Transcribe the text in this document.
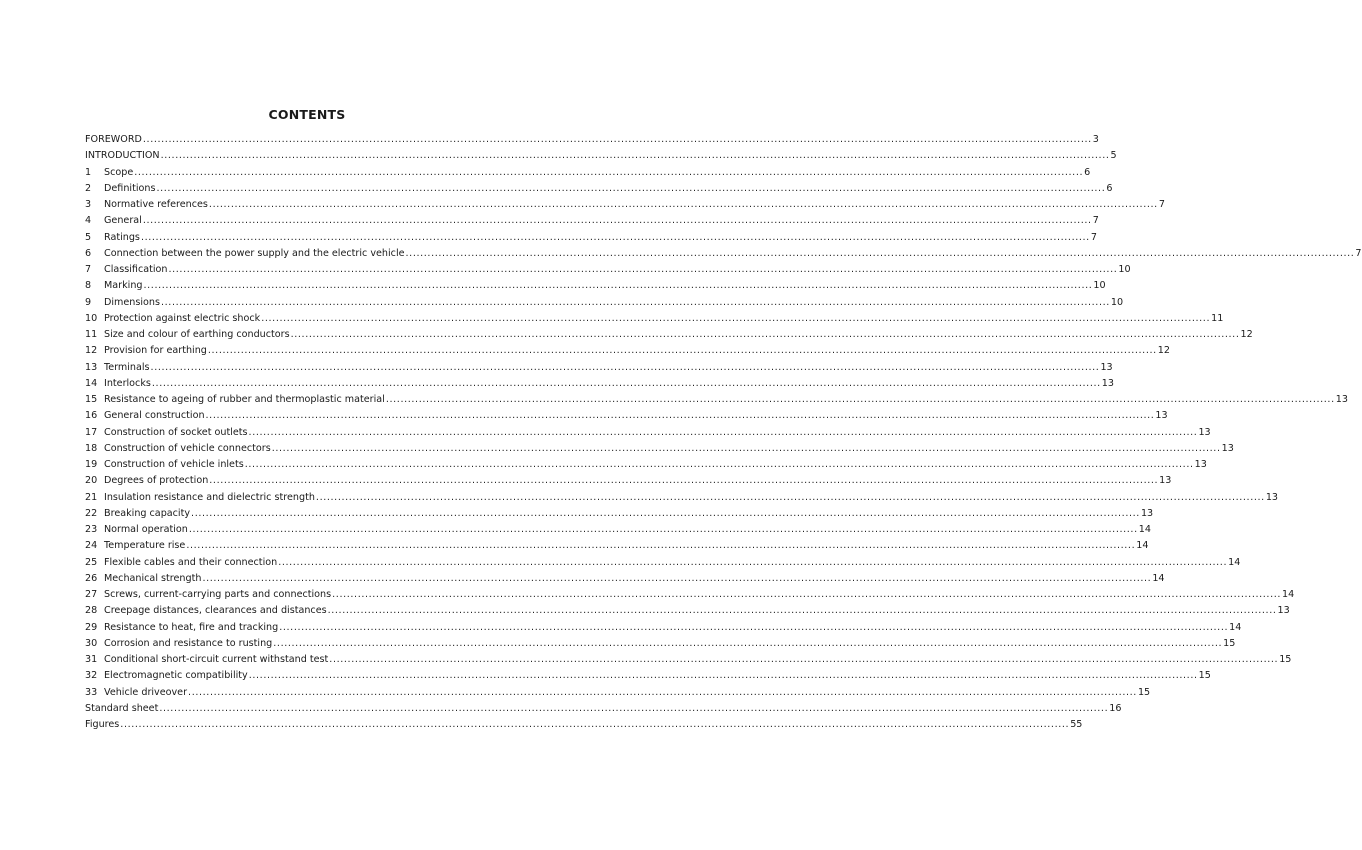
CONTENTS
FOREWORD .................................................................................................................................................................................................................................................................... 3
INTRODUCTION .................................................................................................................................................................................................................................................................... 5
1	Scope .................................................................................................................................................................................................................................................................... 6
2	Definitions .................................................................................................................................................................................................................................................................... 6
3	Normative references .................................................................................................................................................................................................................................................................... 7
4	General .................................................................................................................................................................................................................................................................... 7
5	Ratings .................................................................................................................................................................................................................................................................... 7
6	Connection between the power supply and the electric vehicle .................................................................................................................................................................................................................................................................... 7
7	Classification .................................................................................................................................................................................................................................................................... 10
8	Marking .................................................................................................................................................................................................................................................................... 10
9	Dimensions .................................................................................................................................................................................................................................................................... 10
10 Protection against electric shock .................................................................................................................................................................................................................................................................... 11
11 Size and colour of earthing conductors .................................................................................................................................................................................................................................................................... 12
12 Provision for earthing .................................................................................................................................................................................................................................................................... 12
13 Terminals .................................................................................................................................................................................................................................................................... 13
14 Interlocks .................................................................................................................................................................................................................................................................... 13
15 Resistance to ageing of rubber and thermoplastic material .................................................................................................................................................................................................................................................................... 13
16 General construction .................................................................................................................................................................................................................................................................... 13
17 Construction of socket outlets .................................................................................................................................................................................................................................................................... 13
18 Construction of vehicle connectors .................................................................................................................................................................................................................................................................... 13
19 Construction of vehicle inlets .................................................................................................................................................................................................................................................................... 13
20 Degrees of protection .................................................................................................................................................................................................................................................................... 13
21 Insulation resistance and dielectric strength .................................................................................................................................................................................................................................................................... 13
22 Breaking capacity .................................................................................................................................................................................................................................................................... 13
23 Normal operation .................................................................................................................................................................................................................................................................... 14
24 Temperature rise .................................................................................................................................................................................................................................................................... 14
25 Flexible cables and their connection .................................................................................................................................................................................................................................................................... 14
26 Mechanical strength .................................................................................................................................................................................................................................................................... 14
27 Screws, current-carrying parts and connections .................................................................................................................................................................................................................................................................... 14
28 Creepage distances, clearances and distances .................................................................................................................................................................................................................................................................... 13
29 Resistance to heat, fire and tracking .................................................................................................................................................................................................................................................................... 14
30 Corrosion and resistance to rusting .................................................................................................................................................................................................................................................................... 15
31 Conditional short-circuit current withstand test .................................................................................................................................................................................................................................................................... 15
32 Electromagnetic compatibility .................................................................................................................................................................................................................................................................... 15
33 Vehicle driveover .................................................................................................................................................................................................................................................................... 15
Standard sheet .................................................................................................................................................................................................................................................................... 16
Figures .................................................................................................................................................................................................................................................................... 55
